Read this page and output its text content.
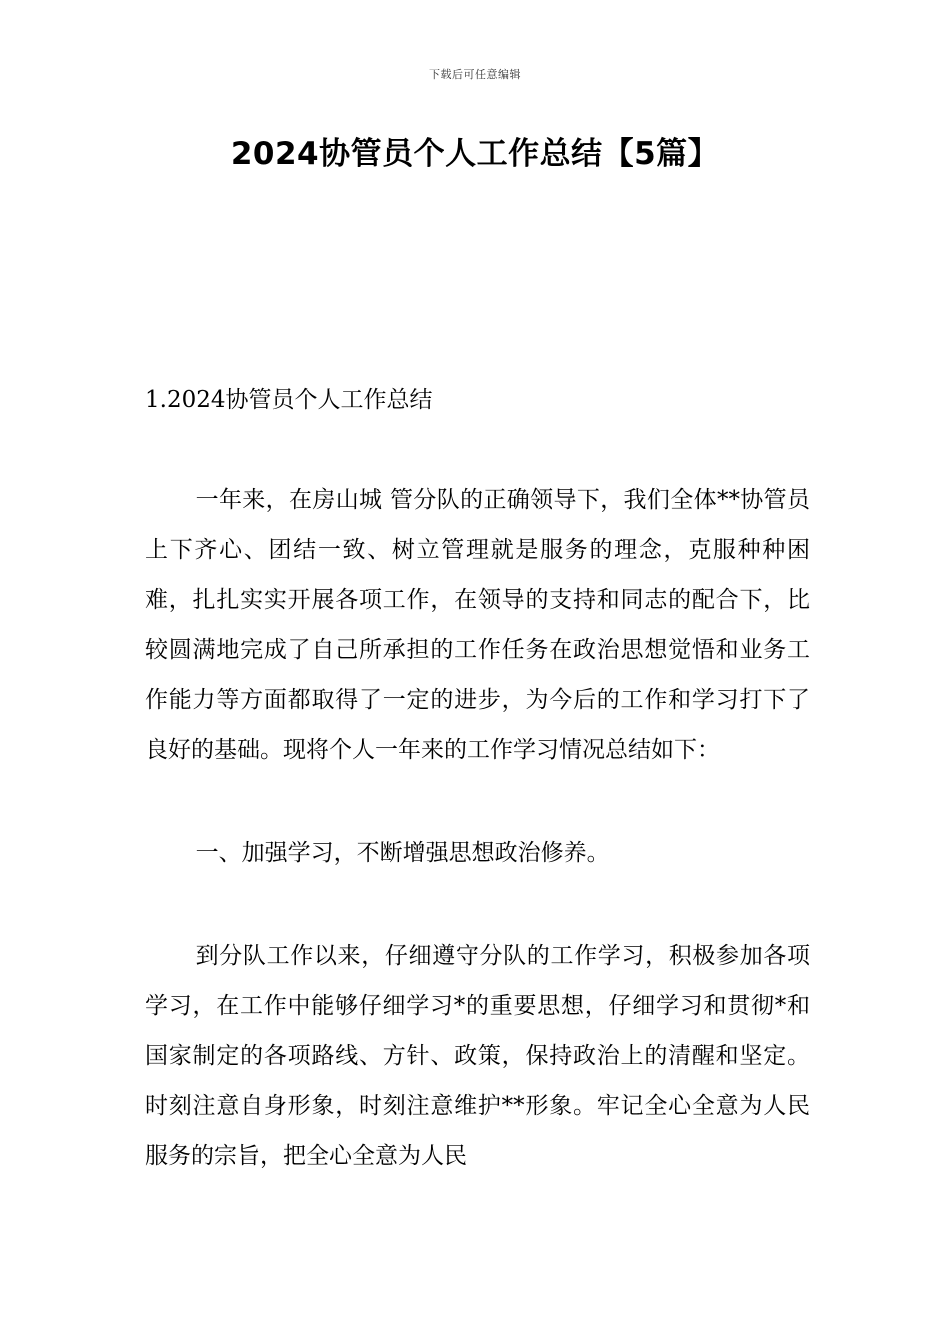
下载后可任意编辑
2024协管员个人工作总结【5篇】
1.2024协管员个人工作总结

一年来，在房山城 管分队的正确领导下，我们全体**协管员上下齐心、团结一致、树立管理就是服务的理念，克服种种困难，扎扎实实开展各项工作，在领导的支持和同志的配合下，比较圆满地完成了自己所承担的工作任务在政治思想觉悟和业务工作能力等方面都取得了一定的进步，为今后的工作和学习打下了良好的基础。现将个人一年来的工作学习情况总结如下：

一、加强学习，不断增强思想政治修养。

到分队工作以来，仔细遵守分队的工作学习，积极参加各项学习，在工作中能够仔细学习*的重要思想，仔细学习和贯彻*和国家制定的各项路线、方针、政策，保持政治上的清醒和坚定。时刻注意自身形象，时刻注意维护**形象。牢记全心全意为人民服务的宗旨，把全心全意为人民
